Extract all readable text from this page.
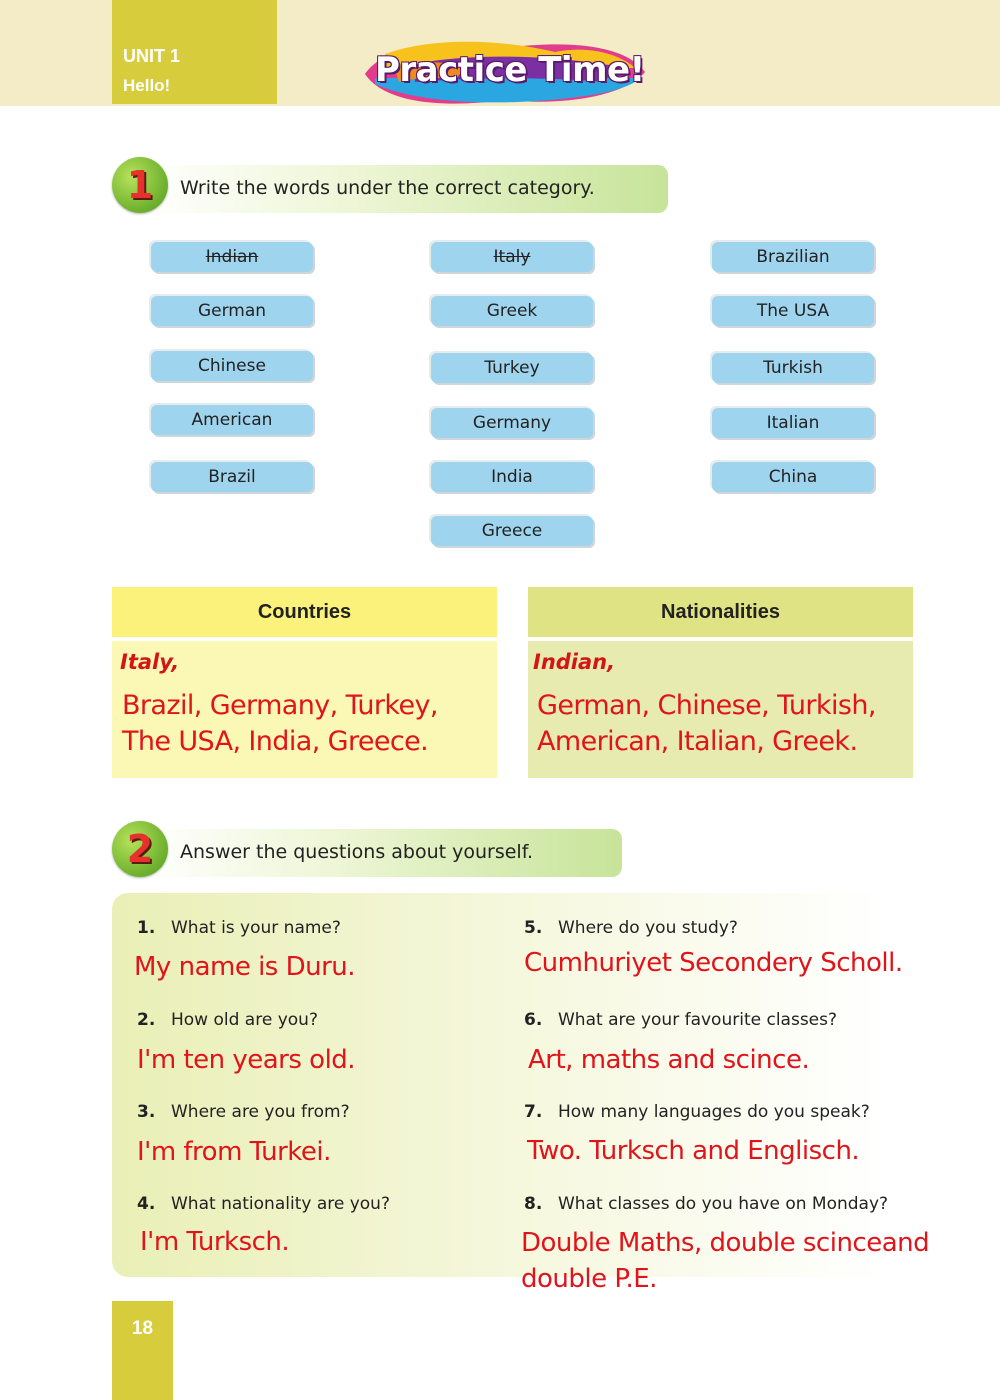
UNIT 1
Hello!	Practice Time!
1	Write the words under the correct category.
Indian
German
Chinese
American
Brazil
Italy
Greek
Turkey
Germany
India
Greece
Brazilian
The USA
Turkish
Italian
China
Countries
Italy,
Brazil, Germany, Turkey,
The USA, India, Greece.
Nationalities
Indian,
German, Chinese, Turkish,
American, Italian, Greek.
2	Answer the questions about yourself.
1. What is your name?
My name is Duru.
2. How old are you?
I'm ten years old.
3. Where are you from?
I'm from Turkei.
4. What nationality are you?
I'm Turksch.
5. Where do you study?
Cumhuriyet Secondery Scholl.
6. What are your favourite classes?
Art, maths and scince.
7. How many languages do you speak?
Two. Turksch and Englisch.
8. What classes do you have on Monday?
Double Maths, double scinceand
double P.E.
18
